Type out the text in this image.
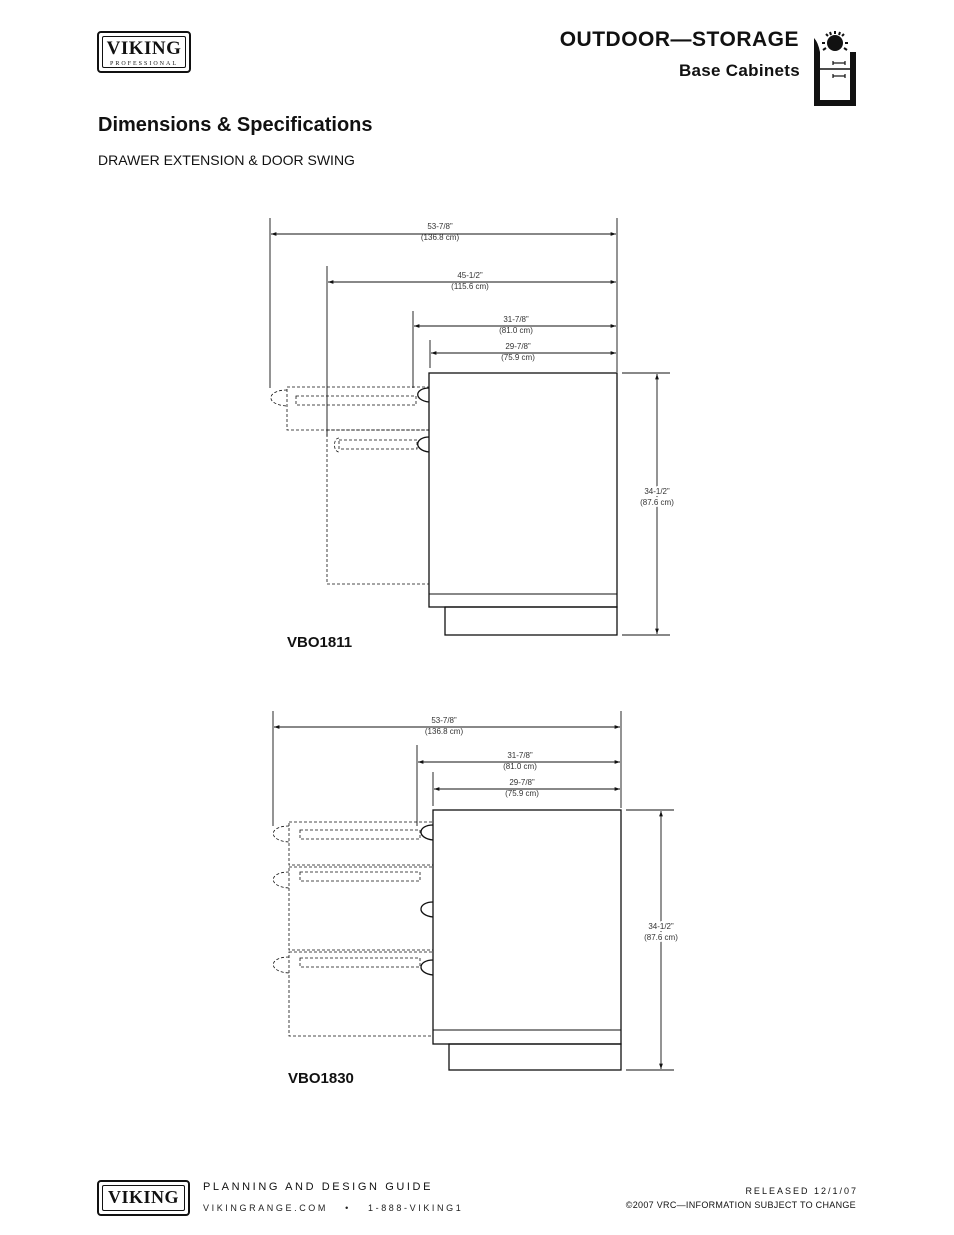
VIKING
PROFESSIONAL
OUTDOOR—STORAGE
Base Cabinets
Dimensions & Specifications
DRAWER EXTENSION & DOOR SWING
53-7/8”
(136.8 cm)
45-1/2”
(115.6 cm)
31-7/8”
(81.0 cm)
29-7/8”
(75.9 cm)
34-1/2”
(87.6 cm)
VBO1811
53-7/8”
(136.8 cm)
31-7/8”
(81.0 cm)
29-7/8”
(75.9 cm)
34-1/2”
(87.6 cm)
VBO1830
VIKING	PLANNING AND DESIGN GUIDE
VIKINGRANGE.COM • 1-888-VIKING1
RELEASED 12/1/07
©2007 VRC—INFORMATION SUBJECT TO CHANGE
